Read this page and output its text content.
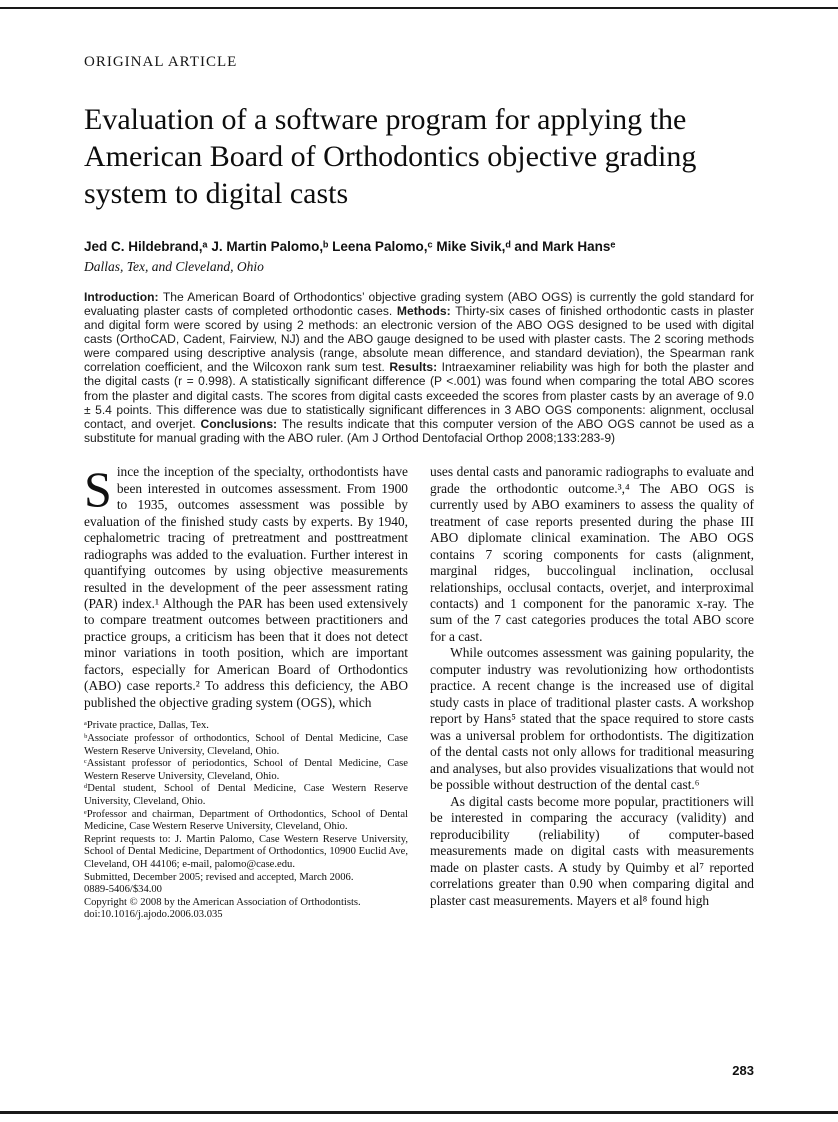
ORIGINAL ARTICLE
Evaluation of a software program for applying the American Board of Orthodontics objective grading system to digital casts
Jed C. Hildebrand,ᵃ J. Martin Palomo,ᵇ Leena Palomo,ᶜ Mike Sivik,ᵈ and Mark Hansᵉ
Dallas, Tex, and Cleveland, Ohio
Introduction: The American Board of Orthodontics’ objective grading system (ABO OGS) is currently the gold standard for evaluating plaster casts of completed orthodontic cases. Methods: Thirty-six cases of finished orthodontic casts in plaster and digital form were scored by using 2 methods: an electronic version of the ABO OGS designed to be used with digital casts (OrthoCAD, Cadent, Fairview, NJ) and the ABO gauge designed to be used with plaster casts. The 2 scoring methods were compared using descriptive analysis (range, absolute mean difference, and standard deviation), the Spearman rank correlation coefficient, and the Wilcoxon rank sum test. Results: Intraexaminer reliability was high for both the plaster and the digital casts (r = 0.998). A statistically significant difference (P <.001) was found when comparing the total ABO scores from the plaster and digital casts. The scores from digital casts exceeded the scores from plaster casts by an average of 9.0 ± 5.4 points. This difference was due to statistically significant differences in 3 ABO OGS components: alignment, occlusal contact, and overjet. Conclusions: The results indicate that this computer version of the ABO OGS cannot be used as a substitute for manual grading with the ABO ruler. (Am J Orthod Dentofacial Orthop 2008;133:283-9)

Since the inception of the specialty, orthodontists have been interested in outcomes assessment. From 1900 to 1935, outcomes assessment was possible by evaluation of the finished study casts by experts. By 1940, cephalometric tracing of pretreatment and posttreatment radiographs was added to the evaluation. Further interest in quantifying outcomes by using objective measurements resulted in the development of the peer assessment rating (PAR) index.¹ Although the PAR has been used extensively to compare treatment outcomes between practitioners and practice groups, a criticism has been that it does not detect minor variations in tooth position, which are important factors, especially for American Board of Orthodontics (ABO) case reports.² To address this deficiency, the ABO published the objective grading system (OGS), which

ᵃPrivate practice, Dallas, Tex.

ᵇAssociate professor of orthodontics, School of Dental Medicine, Case Western Reserve University, Cleveland, Ohio.

ᶜAssistant professor of periodontics, School of Dental Medicine, Case Western Reserve University, Cleveland, Ohio.

ᵈDental student, School of Dental Medicine, Case Western Reserve University, Cleveland, Ohio.

ᵉProfessor and chairman, Department of Orthodontics, School of Dental Medicine, Case Western Reserve University, Cleveland, Ohio.

Reprint requests to: J. Martin Palomo, Case Western Reserve University, School of Dental Medicine, Department of Orthodontics, 10900 Euclid Ave, Cleveland, OH 44106; e-mail, palomo@case.edu.

Submitted, December 2005; revised and accepted, March 2006.

0889-5406/$34.00

Copyright © 2008 by the American Association of Orthodontists.

doi:10.1016/j.ajodo.2006.03.035

uses dental casts and panoramic radiographs to evaluate and grade the orthodontic outcome.³,⁴ The ABO OGS is currently used by ABO examiners to assess the quality of treatment of case reports presented during the phase III ABO diplomate clinical examination. The ABO OGS contains 7 scoring components for casts (alignment, marginal ridges, buccolingual inclination, occlusal relationships, occlusal contacts, overjet, and interproximal contacts) and 1 component for the panoramic x-ray. The sum of the 7 cast categories produces the total ABO score for a cast.

While outcomes assessment was gaining popularity, the computer industry was revolutionizing how orthodontists practice. A recent change is the increased use of digital study casts in place of traditional plaster casts. A workshop report by Hans⁵ stated that the space required to store casts was a universal problem for orthodontists. The digitization of the dental casts not only allows for traditional measuring and analyses, but also provides visualizations that would not be possible without destruction of the dental cast.⁶

As digital casts become more popular, practitioners will be interested in comparing the accuracy (validity) and reproducibility (reliability) of computer-based measurements made on digital casts with measurements made on plaster casts. A study by Quimby et al⁷ reported correlations greater than 0.90 when comparing digital and plaster cast measurements. Mayers et al⁸ found high

283
